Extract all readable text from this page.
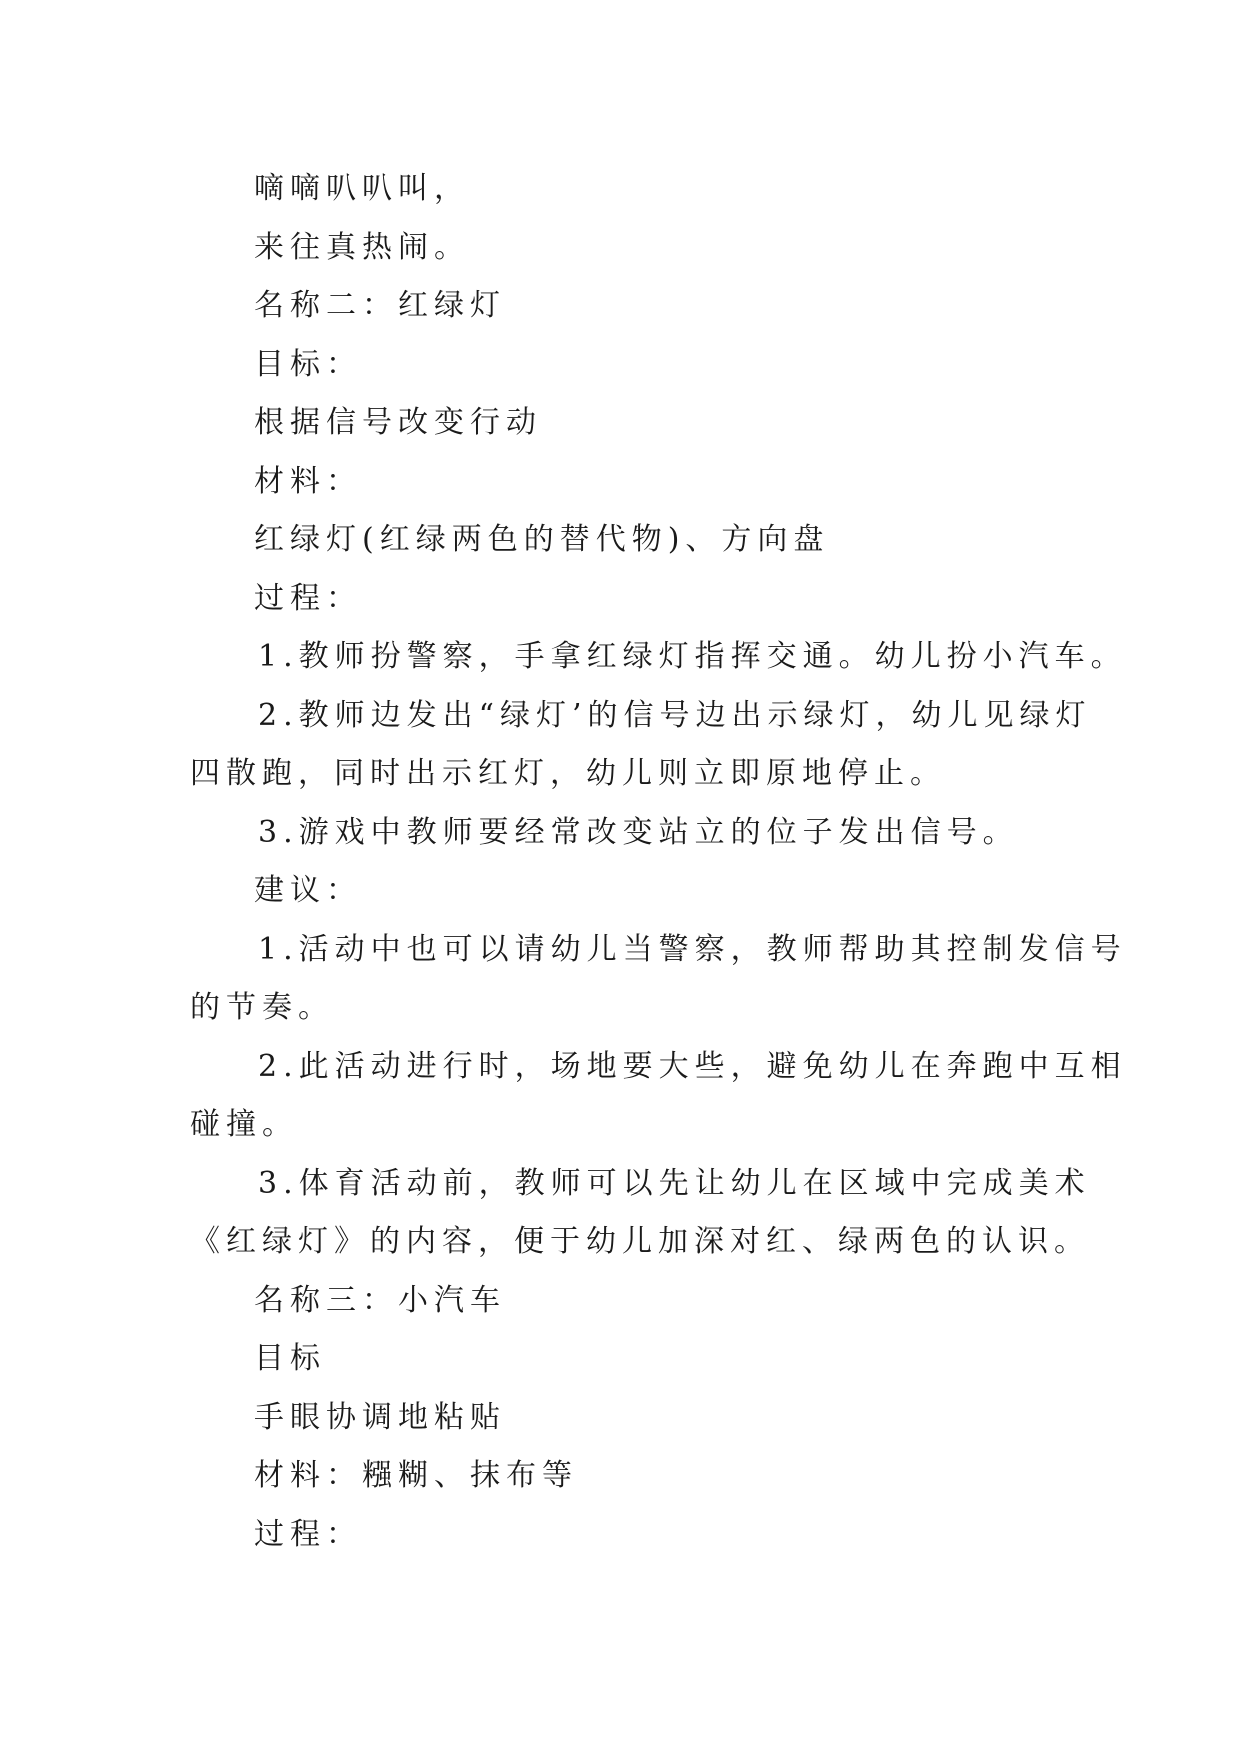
嘀嘀叭叭叫，
来往真热闹。
名称二：红绿灯
目标：
根据信号改变行动
材料：
红绿灯(红绿两色的替代物)、方向盘
过程：
1.教师扮警察，手拿红绿灯指挥交通。幼儿扮小汽车。
2.教师边发出“绿灯’的信号边出示绿灯，幼儿见绿灯
四散跑，同时出示红灯，幼儿则立即原地停止。
3.游戏中教师要经常改变站立的位子发出信号。
建议：
1.活动中也可以请幼儿当警察，教师帮助其控制发信号
的节奏。
2.此活动进行时，场地要大些，避免幼儿在奔跑中互相
碰撞。
3.体育活动前，教师可以先让幼儿在区域中完成美术
《红绿灯》的内容，便于幼儿加深对红、绿两色的认识。
名称三：小汽车
目标
手眼协调地粘贴
材料：糨糊、抹布等
过程：
